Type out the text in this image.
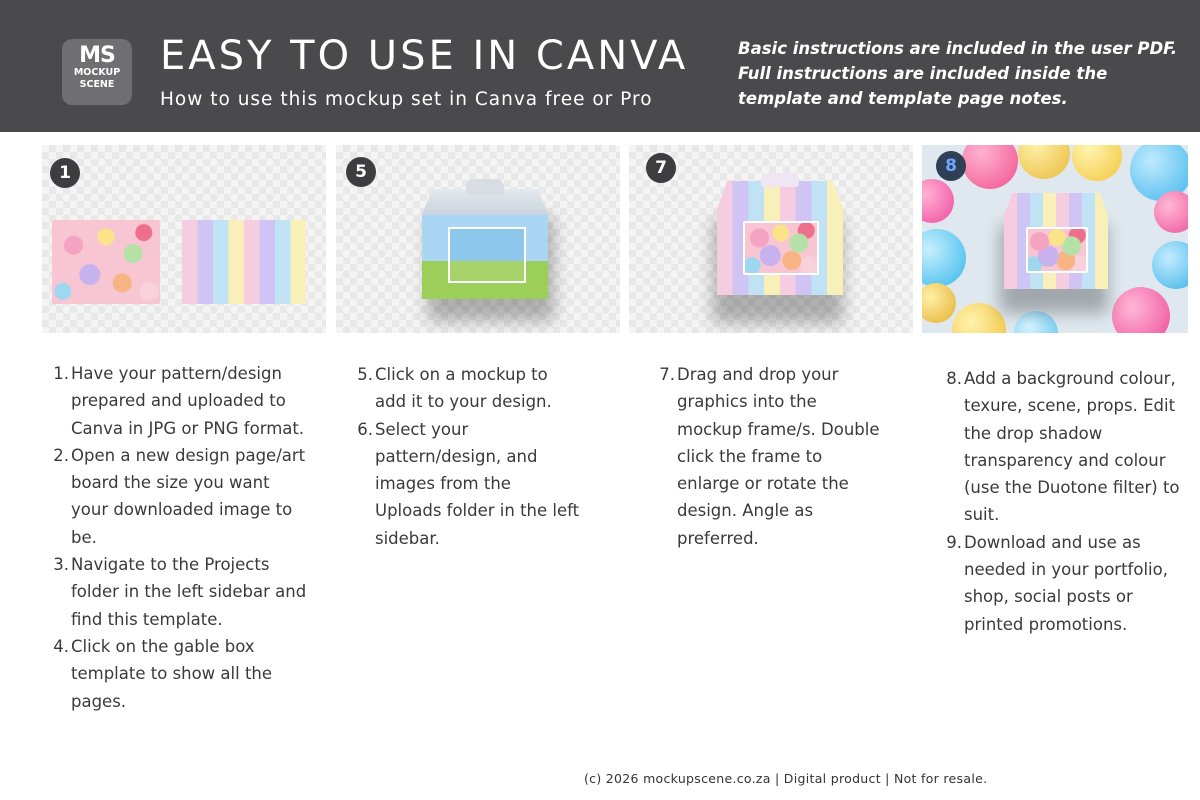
MS
MOCKUP
SCENE
EASY TO USE IN CANVA
How to use this mockup set in Canva free or Pro
Basic instructions are included in the user PDF. Full instructions are included inside the template and template page notes.
1	5	7	8
1. Have your pattern/design prepared and uploaded to Canva in JPG or PNG format.
2. Open a new design page/art board the size you want your downloaded image to be.
3. Navigate to the Projects folder in the left sidebar and find this template.
4. Click on the gable box template to show all the pages.
5. Click on a mockup to add it to your design.
6. Select your pattern/design, and images from the Uploads folder in the left sidebar.
7. Drag and drop your graphics into the mockup frame/s. Double click the frame to enlarge or rotate the design. Angle as preferred.
8. Add a background colour, texure, scene, props. Edit the drop shadow transparency and colour (use the Duotone filter) to suit.
9. Download and use as needed in your portfolio, shop, social posts or printed promotions.
(c) 2026 mockupscene.co.za | Digital product | Not for resale.
